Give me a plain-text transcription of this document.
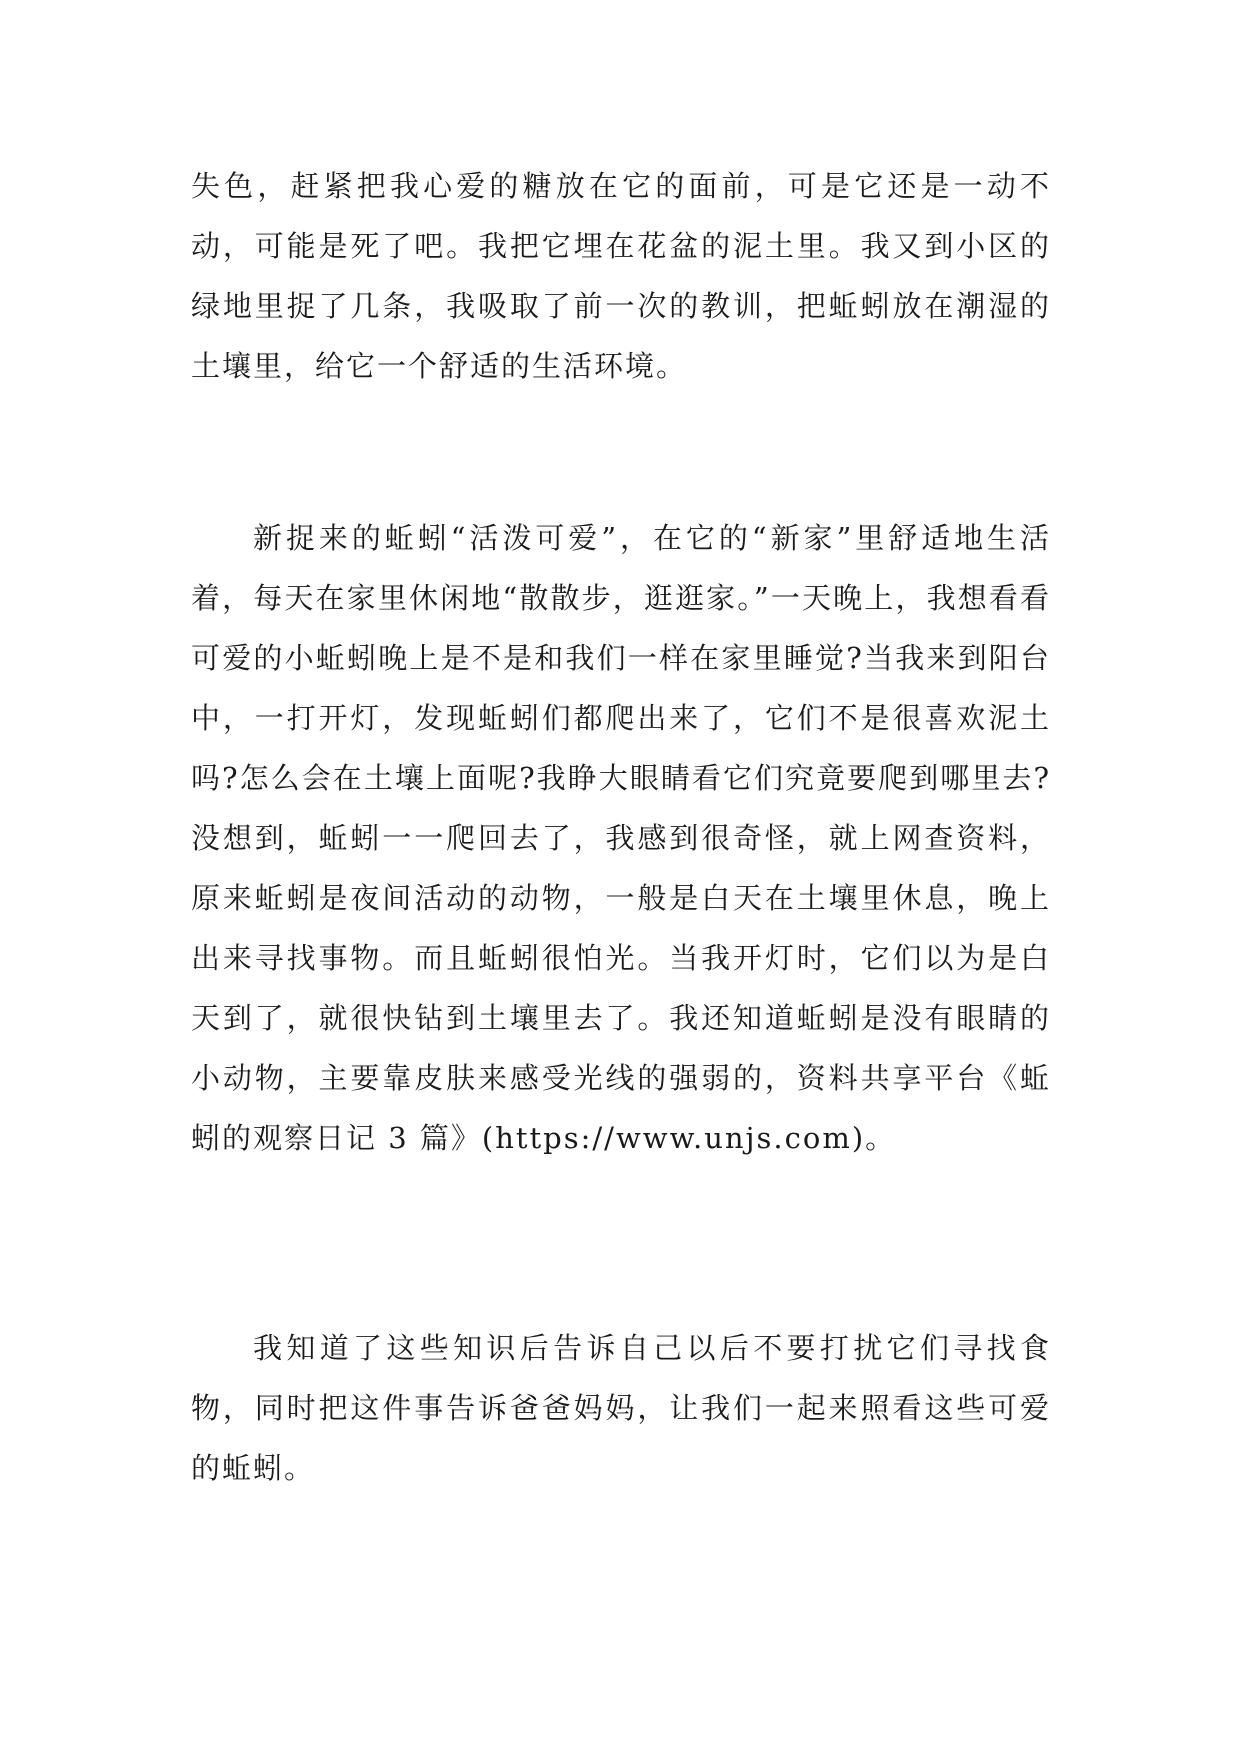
失色，赶紧把我心爱的糖放在它的面前，可是它还是一动不动，可能是死了吧。我把它埋在花盆的泥土里。我又到小区的绿地里捉了几条，我吸取了前一次的教训，把蚯蚓放在潮湿的土壤里，给它一个舒适的生活环境。

新捉来的蚯蚓“活泼可爱”，在它的“新家”里舒适地生活着，每天在家里休闲地“散散步，逛逛家。”一天晚上，我想看看可爱的小蚯蚓晚上是不是和我们一样在家里睡觉?当我来到阳台中，一打开灯，发现蚯蚓们都爬出来了，它们不是很喜欢泥土吗?怎么会在土壤上面呢?我睁大眼睛看它们究竟要爬到哪里去?没想到，蚯蚓一一爬回去了，我感到很奇怪，就上网查资料，原来蚯蚓是夜间活动的动物，一般是白天在土壤里休息，晚上出来寻找事物。而且蚯蚓很怕光。当我开灯时，它们以为是白天到了，就很快钻到土壤里去了。我还知道蚯蚓是没有眼睛的小动物，主要靠皮肤来感受光线的强弱的，资料共享平台《蚯蚓的观察日记 3 篇》(https://www.unjs.com)。

我知道了这些知识后告诉自己以后不要打扰它们寻找食物，同时把这件事告诉爸爸妈妈，让我们一起来照看这些可爱的蚯蚓。
